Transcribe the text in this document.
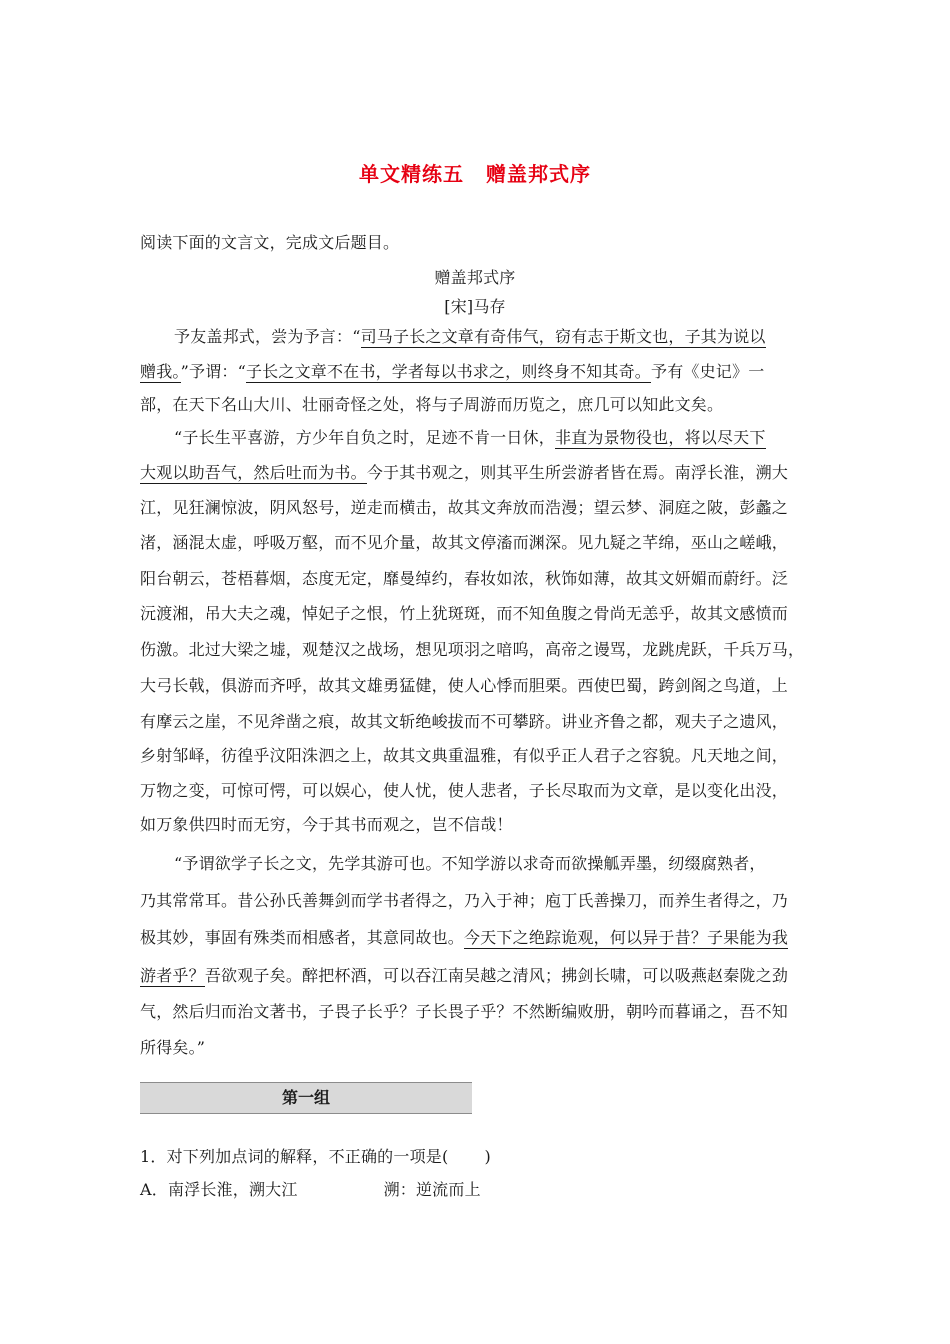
单文精练五 赠盖邦式序
阅读下面的文言文，完成文后题目。
赠盖邦式序
[宋]马存
予友盖邦式，尝为予言：“司马子长之文章有奇伟气，窃有志于斯文也，子其为说以
赠我。”予谓：“子长之文章不在书，学者每以书求之，则终身不知其奇。予有《史记》一
部，在天下名山大川、壮丽奇怪之处，将与子周游而历览之，庶几可以知此文矣。
“子长生平喜游，方少年自负之时，足迹不肯一日休，非直为景物役也，将以尽天下
大观以助吾气，然后吐而为书。今于其书观之，则其平生所尝游者皆在焉。南浮长淮，溯大
江，见狂澜惊波，阴风怒号，逆走而横击，故其文奔放而浩漫；望云梦、洞庭之陂，彭蠡之
渚，涵混太虚，呼吸万壑，而不见介量，故其文停滀而渊深。见九疑之芊绵，巫山之嵯峨，
阳台朝云，苍梧暮烟，态度无定，靡曼绰约，春妆如浓，秋饰如薄，故其文妍媚而蔚纡。泛
沅渡湘，吊大夫之魂，悼妃子之恨，竹上犹斑斑，而不知鱼腹之骨尚无恙乎，故其文感愤而
伤激。北过大梁之墟，观楚汉之战场，想见项羽之喑呜，高帝之谩骂，龙跳虎跃，千兵万马，
大弓长戟，俱游而齐呼，故其文雄勇猛健，使人心悸而胆栗。西使巴蜀，跨剑阁之鸟道，上
有摩云之崖，不见斧凿之痕，故其文斩绝峻拔而不可攀跻。讲业齐鲁之都，观夫子之遗风，
乡射邹峄，彷徨乎汶阳洙泗之上，故其文典重温雅，有似乎正人君子之容貌。凡天地之间，
万物之变，可惊可愕，可以娱心，使人忧，使人悲者，子长尽取而为文章，是以变化出没，
如万象供四时而无穷，今于其书而观之，岂不信哉！
“予谓欲学子长之文，先学其游可也。不知学游以求奇而欲操觚弄墨，纫缀腐熟者，
乃其常常耳。昔公孙氏善舞剑而学书者得之，乃入于神；庖丁氏善操刀，而养生者得之，乃
极其妙，事固有殊类而相感者，其意同故也。今天下之绝踪诡观，何以异于昔？子果能为我
游者乎？吾欲观子矣。醉把杯酒，可以吞江南吴越之清风；拂剑长啸，可以吸燕赵秦陇之劲
气，然后归而治文著书，子畏子长乎？子长畏子乎？不然断编败册，朝吟而暮诵之，吾不知
所得矣。”
第一组
1．对下列加点词的解释，不正确的一项是( )
A．南浮长淮，溯大江	溯：逆流而上
